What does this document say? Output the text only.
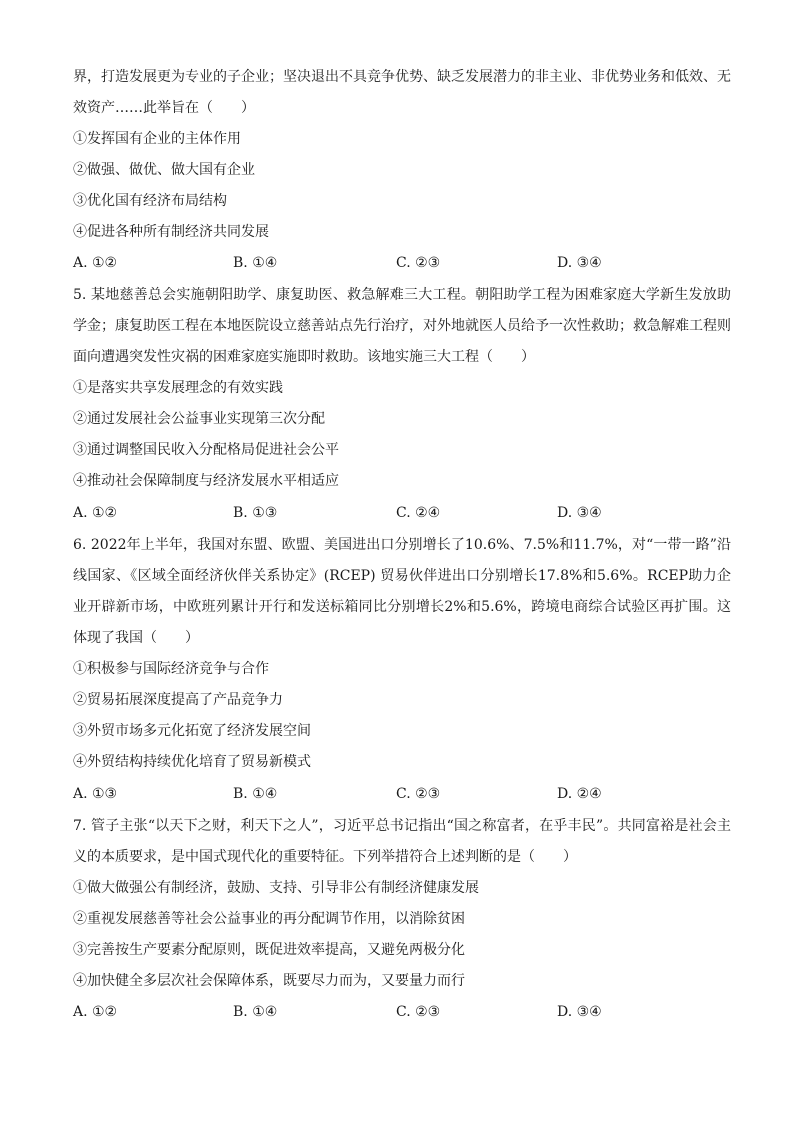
界，打造发展更为专业的子企业；坚决退出不具竞争优势、缺乏发展潜力的非主业、非优势业务和低效、无效资产……此举旨在（　　）
①发挥国有企业的主体作用
②做强、做优、做大国有企业
③优化国有经济布局结构
④促进各种所有制经济共同发展
A. ①②	B. ①④	C. ②③	D. ③④
5. 某地慈善总会实施朝阳助学、康复助医、救急解难三大工程。朝阳助学工程为困难家庭大学新生发放助学金；康复助医工程在本地医院设立慈善站点先行治疗，对外地就医人员给予一次性救助；救急解难工程则面向遭遇突发性灾祸的困难家庭实施即时救助。该地实施三大工程（　　）
①是落实共享发展理念的有效实践
②通过发展社会公益事业实现第三次分配
③通过调整国民收入分配格局促进社会公平
④推动社会保障制度与经济发展水平相适应
A. ①②	B. ①③	C. ②④	D. ③④
6. 2022年上半年，我国对东盟、欧盟、美国进出口分别增长了10.6%、7.5%和11.7%，对“一带一路”沿线国家、《区域全面经济伙伴关系协定》(RCEP) 贸易伙伴进出口分别增长17.8%和5.6%。RCEP助力企业开辟新市场，中欧班列累计开行和发送标箱同比分别增长2%和5.6%，跨境电商综合试验区再扩围。这体现了我国（　　）
①积极参与国际经济竞争与合作
②贸易拓展深度提高了产品竞争力
③外贸市场多元化拓宽了经济发展空间
④外贸结构持续优化培育了贸易新模式
A. ①③	B. ①④	C. ②③	D. ②④
7. 管子主张“以天下之财，利天下之人”，习近平总书记指出“国之称富者，在乎丰民”。共同富裕是社会主义的本质要求，是中国式现代化的重要特征。下列举措符合上述判断的是（　　）
①做大做强公有制经济，鼓励、支持、引导非公有制经济健康发展
②重视发展慈善等社会公益事业的再分配调节作用，以消除贫困
③完善按生产要素分配原则，既促进效率提高，又避免两极分化
④加快健全多层次社会保障体系，既要尽力而为，又要量力而行
A. ①②	B. ①④	C. ②③	D. ③④
